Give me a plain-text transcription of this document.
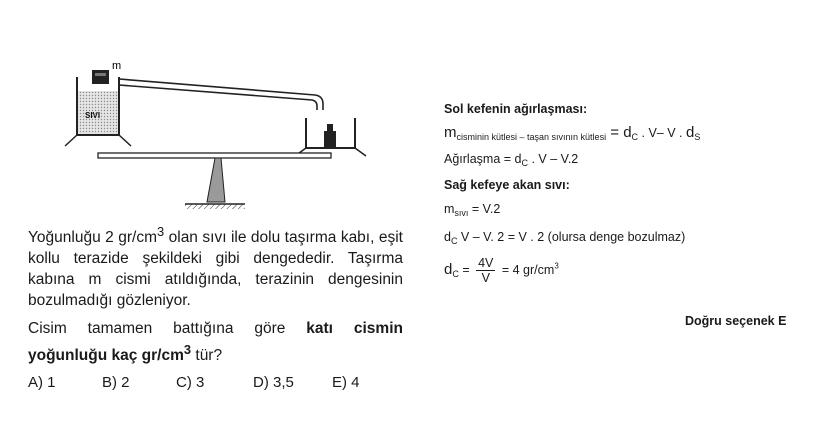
m
SIVI
Yoğunluğu 2 $gr/cm^3$ olan sıvı ile dolu taşırma kabı, eşit kollu terazide şekildeki gibi dengededir. Taşırma kabına m cismi atıldığında, terazinin dengesinin bozulmadığı gözleniyor.
Cisim tamamen battığına göre katı cismin yoğunluğu kaç $gr/cm^3$ tür?
A) 1	B) 2	C) 3	D) 3,5	E) 4
Sol kefenin ağırlaşması:
$m_{cisminin kütlesi - taşan sıvının kütlesi} = d_C$ . V– V . $d_S$
Ağırlaşma = $d_C$ . V – V.2
Sağ kefeye akan sıvı:
$m_{sıvı} = V.2$
$d_C$ V – V. 2 = V . 2 (olursa denge bozulmaz)
$d_C = \frac{4V}{V} = 4$ $gr/cm^3$
Doğru seçenek E
